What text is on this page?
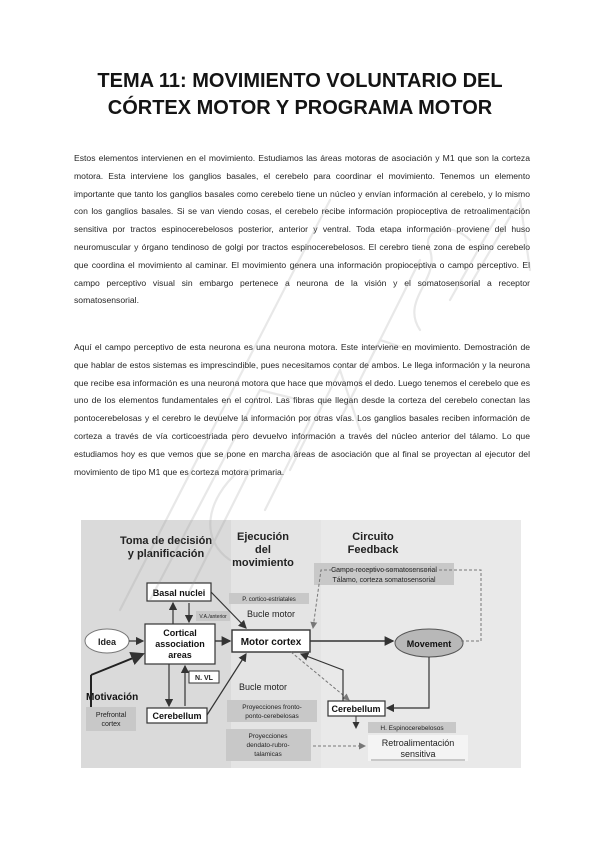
TEMA 11: MOVIMIENTO VOLUNTARIO DEL
CÓRTEX MOTOR Y PROGRAMA MOTOR

Estos elementos intervienen en el movimiento. Estudiamos las áreas motoras de asociación y M1 que son la corteza motora. Esta interviene los ganglios basales, el cerebelo para coordinar el movimiento. Tenemos un elemento importante que tanto los ganglios basales como cerebelo tiene un núcleo y envían información al cerebelo, y lo mismo con los ganglios basales. Si se van viendo cosas, el cerebelo recibe información propioceptiva de retroalimentación sensitiva por tractos espinocerebelosos posterior, anterior y ventral. Toda etapa información proviene del huso neuromuscular y órgano tendinoso de golgi por tractos espinocerebelosos. El cerebro tiene zona de espino cerebelo que coordina el movimiento al caminar. El movimiento genera una información propioceptiva o campo perceptivo. El campo perceptivo visual sin embargo pertenece a neurona de la visión y el somatosensorial a receptor somatosensorial.

Aquí el campo perceptivo de esta neurona es una neurona motora. Este interviene en movimiento. Demostración de que hablar de estos sistemas es imprescindible, pues necesitamos contar de ambos. Le llega información y la neurona que recibe esa información es una neurona motora que hace que movamos el dedo. Luego tenemos el cerebelo que es uno de los elementos fundamentales en el control. Las fibras que llegan desde la corteza del cerebelo conectan las pontocerebelosas y el cerebro le devuelve la información por otras vías. Los ganglios basales reciben información de corteza a través de vía corticoestriada pero devuelvo información a través del núcleo anterior del tálamo. Lo que estudiamos hoy es que vemos que se pone en marcha áreas de asociación que al final se proyectan al ejecutor del movimiento de tipo M1 que es corteza motora primaria.

Toma de decisión
y planificación
Ejecución
del
movimiento
Circuito
Feedback
Campo receptivo somatosensorial
Tálamo, corteza somatosensorial
Basal nuclei
P. cortico-estriatales
V.A./anterior Bucle motor
Idea
Cortical
association
areas
Motor cortex	Movement
N. VL
Bucle motor
Motivación
Prefrontal
cortex
Cerebellum
Proyecciones fronto-
ponto-cerebelosas
Cerebellum
H. Espinocerebelosos
Proyecciones
dendato-rubro-
talamicas
Retroalimentación
sensitiva
